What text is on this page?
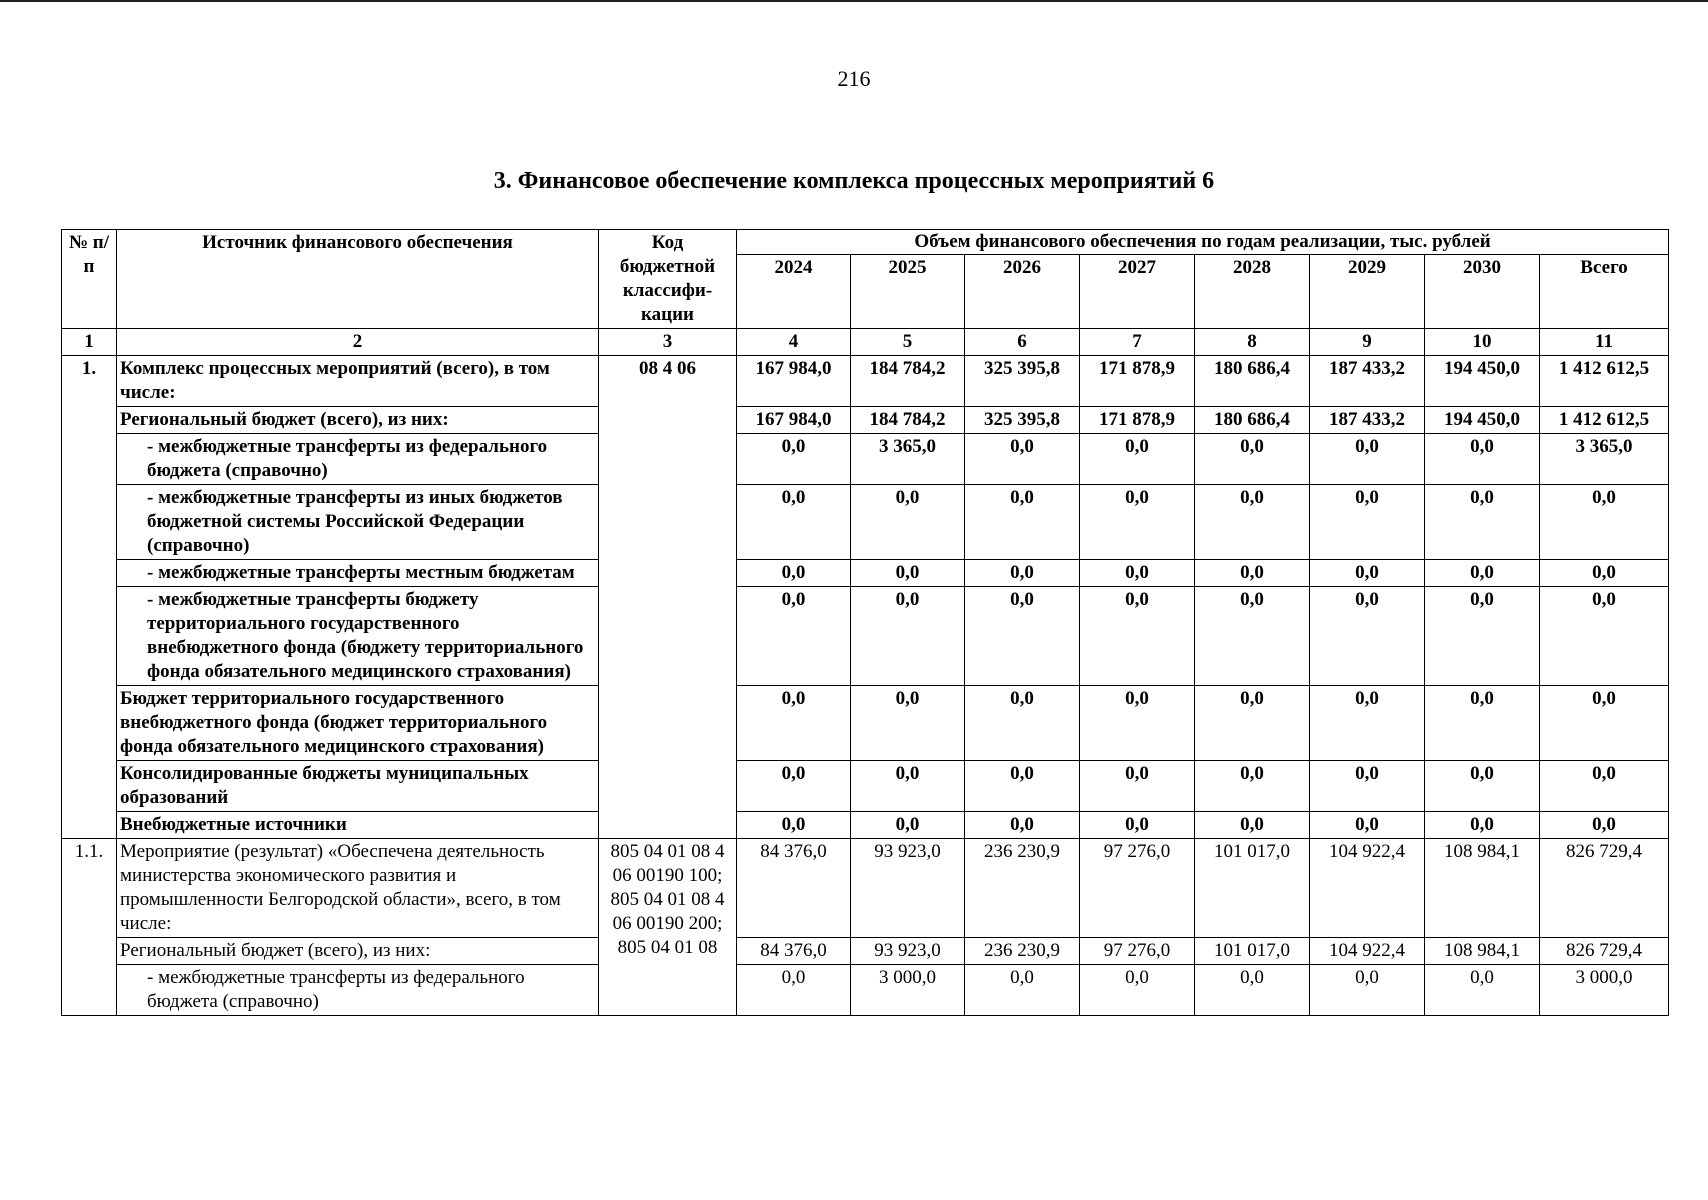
216
3. Финансовое обеспечение комплекса процессных мероприятий 6
№ п/п	Источник финансового обеспечения	Код бюджетной классифи-кации	Объем финансового обеспечения по годам реализации, тыс. рублей							
			2024	2025	2026	2027	2028	2029	2030	Всего
1	2	3	4	5	6	7	8	9	10	11
1.	Комплекс процессных мероприятий (всего), в том числе:	08 4 06	167 984,0	184 784,2	325 395,8	171 878,9	180 686,4	187 433,2	194 450,0	1 412 612,5
	Региональный бюджет (всего), из них:		167 984,0	184 784,2	325 395,8	171 878,9	180 686,4	187 433,2	194 450,0	1 412 612,5
	- межбюджетные трансферты из федерального бюджета (справочно)		0,0	3 365,0	0,0	0,0	0,0	0,0	0,0	3 365,0
	- межбюджетные трансферты из иных бюджетов бюджетной системы Российской Федерации (справочно)		0,0	0,0	0,0	0,0	0,0	0,0	0,0	0,0
	- межбюджетные трансферты местным бюджетам		0,0	0,0	0,0	0,0	0,0	0,0	0,0	0,0
	- межбюджетные трансферты бюджету территориального государственного внебюджетного фонда (бюджету территориального фонда обязательного медицинского страхования)		0,0	0,0	0,0	0,0	0,0	0,0	0,0	0,0
	Бюджет территориального государственного внебюджетного фонда (бюджет территориального фонда обязательного медицинского страхования)		0,0	0,0	0,0	0,0	0,0	0,0	0,0	0,0
	Консолидированные бюджеты муниципальных образований		0,0	0,0	0,0	0,0	0,0	0,0	0,0	0,0
	Внебюджетные источники		0,0	0,0	0,0	0,0	0,0	0,0	0,0	0,0
1.1.	Мероприятие (результат) «Обеспечена деятельность министерства экономического развития и промышленности Белгородской области», всего, в том числе:	805 04 01 08 4 06 00190 100; 805 04 01 08 4 06 00190 200; 805 04 01 08	84 376,0	93 923,0	236 230,9	97 276,0	101 017,0	104 922,4	108 984,1	826 729,4
	Региональный бюджет (всего), из них:		84 376,0	93 923,0	236 230,9	97 276,0	101 017,0	104 922,4	108 984,1	826 729,4
	- межбюджетные трансферты из федерального бюджета (справочно)		0,0	3 000,0	0,0	0,0	0,0	0,0	0,0	3 000,0
